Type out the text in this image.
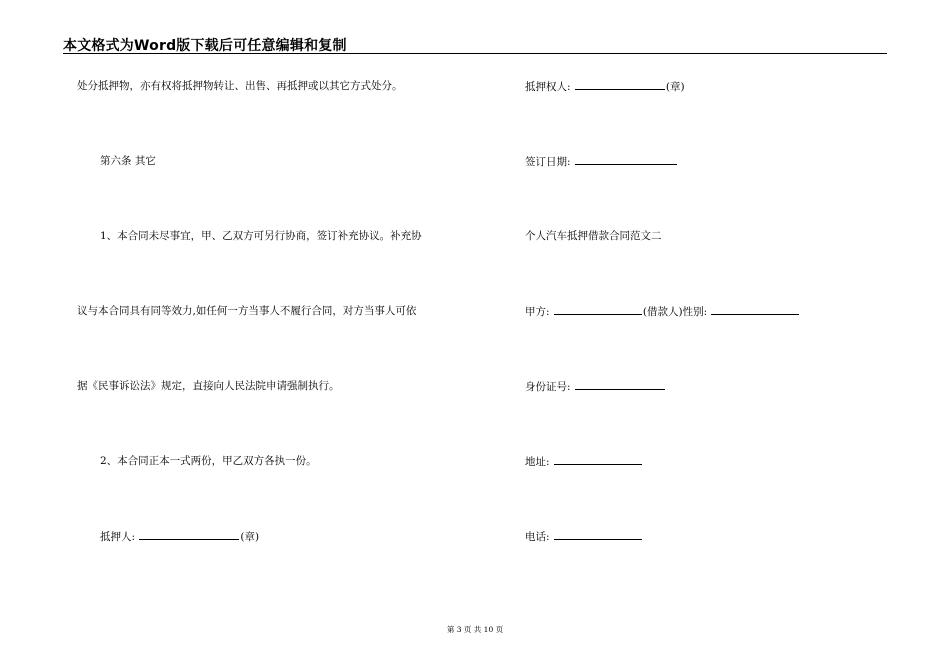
本文格式为Word版下载后可任意编辑和复制
处分抵押物，亦有权将抵押物转让、出售、再抵押或以其它方式处分。
第六条 其它
1、本合同未尽事宜，甲、乙双方可另行协商，签订补充协议。补充协
议与本合同具有同等效力,如任何一方当事人不履行合同，对方当事人可依
据《民事诉讼法》规定，直接向人民法院申请强制执行。
2、本合同正本一式两份，甲乙双方各执一份。
抵押人:	(章)
抵押权人:	(章)
签订日期:
个人汽车抵押借款合同范文二
甲方:	(借款人)性别:
身份证号:
地址:
电话:
第 3 页 共 10 页
